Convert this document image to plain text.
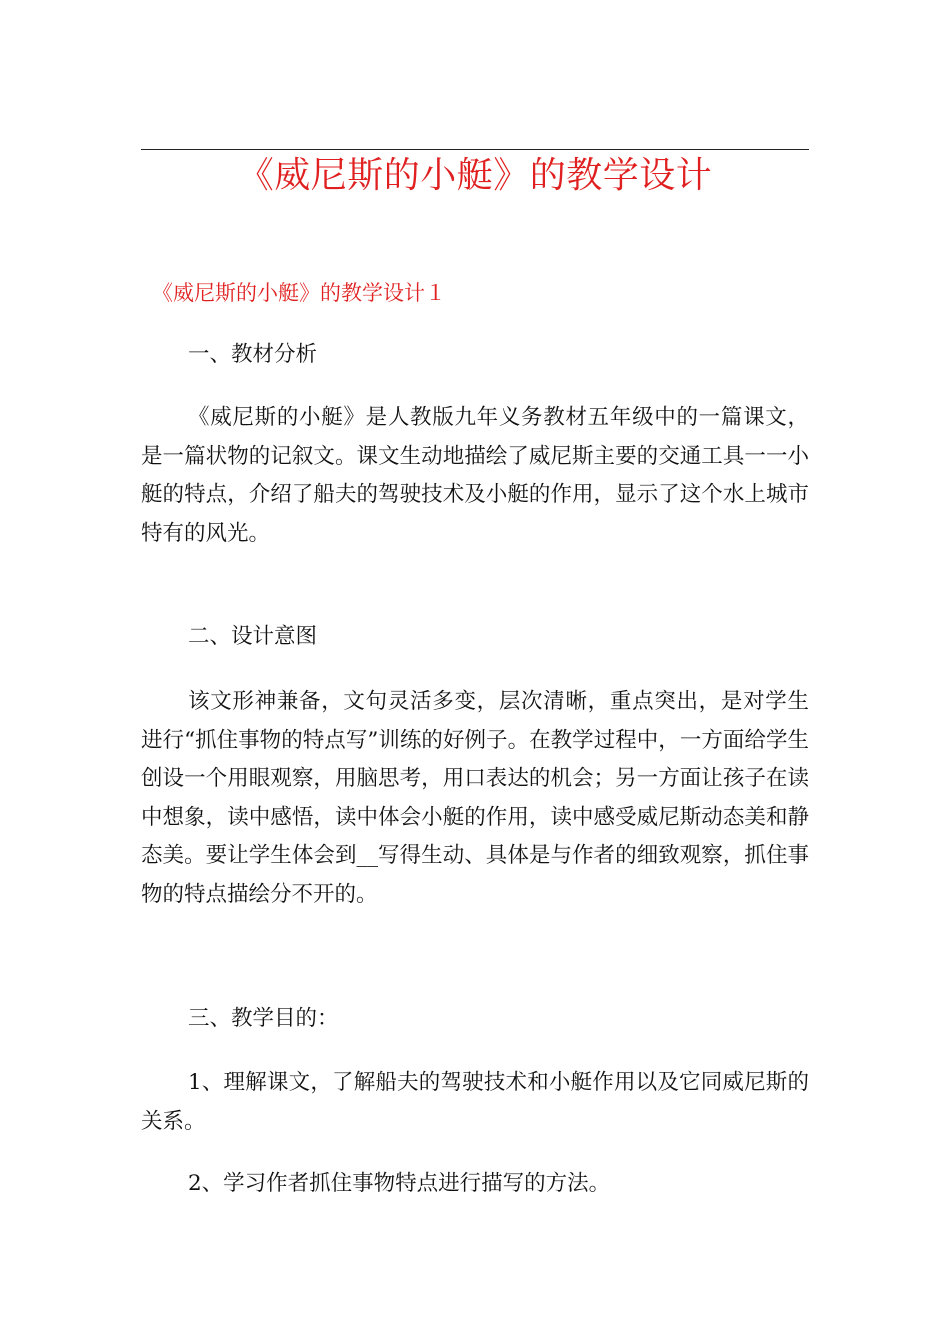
《威尼斯的小艇》的教学设计
《威尼斯的小艇》的教学设计１
一、教材分析

《威尼斯的小艇》是人教版九年义务教材五年级中的一篇课文，是一篇状物的记叙文。课文生动地描绘了威尼斯主要的交通工具一一小艇的特点，介绍了船夫的驾驶技术及小艇的作用，显示了这个水上城市特有的风光。

二、设计意图

该文形神兼备，文句灵活多变，层次清晰，重点突出，是对学生进行“抓住事物的特点写”训练的好例子。在教学过程中，一方面给学生创设一个用眼观察，用脑思考，用口表达的机会；另一方面让孩子在读中想象，读中感悟，读中体会小艇的作用，读中感受威尼斯动态美和静态美。要让学生体会到__写得生动、具体是与作者的细致观察，抓住事物的特点描绘分不开的。

三、教学目的：

1、理解课文，了解船夫的驾驶技术和小艇作用以及它同威尼斯的关系。

2、学习作者抓住事物特点进行描写的方法。
